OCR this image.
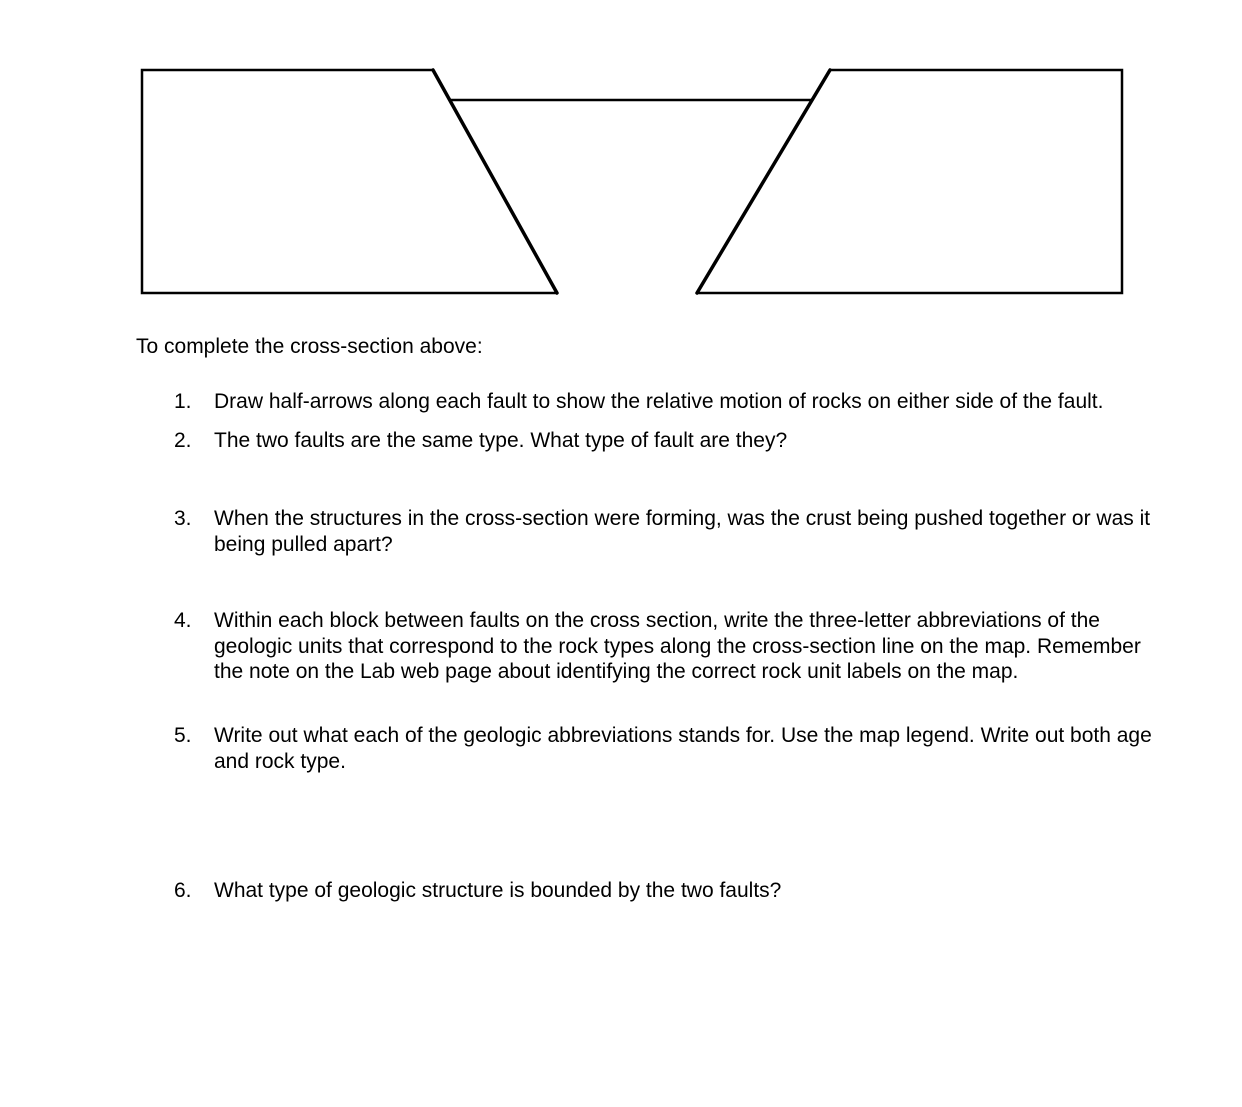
To complete the cross-section above:

1.	Draw half-arrows along each fault to show the relative motion of rocks on either side of the fault.
2.	The two faults are the same type. What type of fault are they?
3.	When the structures in the cross-section were forming, was the crust being pushed together or was it being pulled apart?
4.	Within each block between faults on the cross section, write the three-letter abbreviations of the geologic units that correspond to the rock types along the cross-section line on the map. Remember the note on the Lab web page about identifying the correct rock unit labels on the map.
5.	Write out what each of the geologic abbreviations stands for. Use the map legend. Write out both age and rock type.
6.	What type of geologic structure is bounded by the two faults?
